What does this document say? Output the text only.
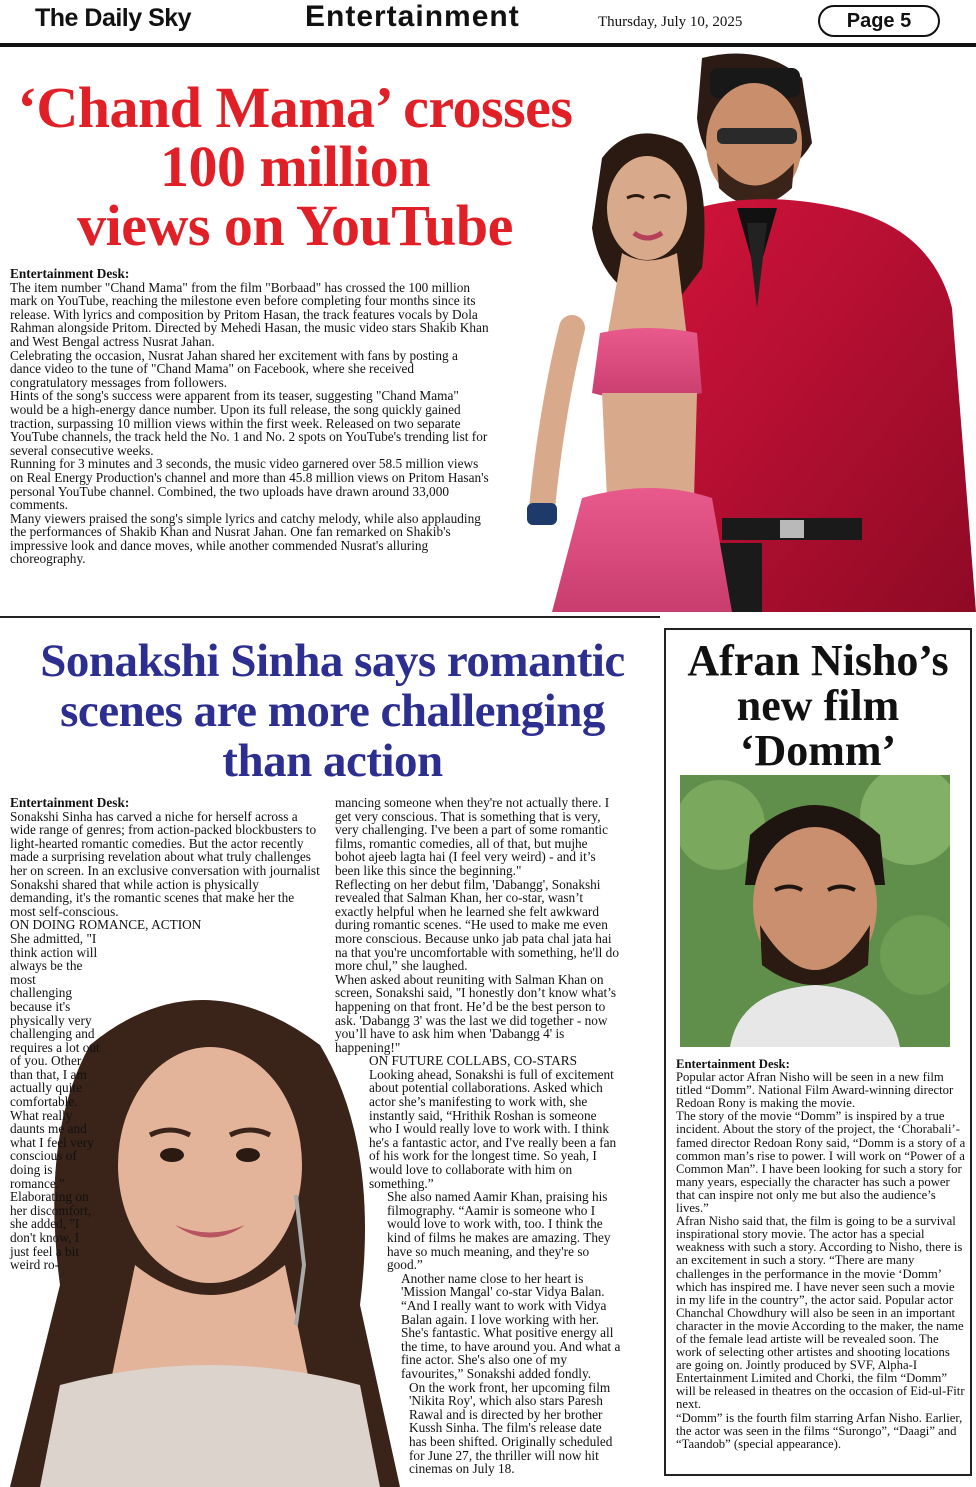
The Daily Sky	Entertainment	Thursday, July 10, 2025	Page 5
‘Chand Mama’ crosses
100 million
views on YouTube
Entertainment Desk:
The item number "Chand Mama" from the film "Borbaad" has crossed the 100 million mark on YouTube, reaching the milestone even before completing four months since its release. With lyrics and composition by Pritom Hasan, the track features vocals by Dola Rahman alongside Pritom. Directed by Mehedi Hasan, the music video stars Shakib Khan and West Bengal actress Nusrat Jahan.
Celebrating the occasion, Nusrat Jahan shared her excitement with fans by posting a dance video to the tune of "Chand Mama" on Facebook, where she received congratulatory messages from followers.
Hints of the song's success were apparent from its teaser, suggesting "Chand Mama" would be a high-energy dance number. Upon its full release, the song quickly gained traction, surpassing 10 million views within the first week. Released on two separate YouTube channels, the track held the No. 1 and No. 2 spots on YouTube's trending list for several consecutive weeks.
Running for 3 minutes and 3 seconds, the music video garnered over 58.5 million views on Real Energy Production's channel and more than 45.8 million views on Pritom Hasan's personal YouTube channel. Combined, the two uploads have drawn around 33,000 comments.
Many viewers praised the song's simple lyrics and catchy melody, while also applauding the performances of Shakib Khan and Nusrat Jahan. One fan remarked on Shakib's impressive look and dance moves, while another commended Nusrat's alluring choreography.
Sonakshi Sinha says romantic
scenes are more challenging
than action
Entertainment Desk:
Sonakshi Sinha has carved a niche for herself across a wide range of genres; from action-packed blockbusters to light-hearted romantic comedies. But the actor recently made a surprising revelation about what truly challenges her on screen. In an exclusive conversation with journalist Sonakshi shared that while action is physically demanding, it's the romantic scenes that make her the most self-conscious.
ON DOING ROMANCE, ACTION
She admitted, "I think action will always be the most challenging because it's physically very challenging and requires a lot out of you. Other than that, I am actually quite comfortable. What really daunts me and what I feel very conscious of doing is romance." Elaborating on her discomfort, she added, "I don't know, I just feel a bit weird ro-
mancing someone when they're not actually there. I get very conscious. That is something that is very, very challenging. I've been a part of some romantic films, romantic comedies, all of that, but mujhe bohot ajeeb lagta hai (I feel very weird) - and it’s been like this since the beginning."
Reflecting on her debut film, 'Dabangg', Sonakshi revealed that Salman Khan, her co-star, wasn’t exactly helpful when he learned she felt awkward during romantic scenes. “He used to make me even more conscious. Because unko jab pata chal jata hai na that you're uncomfortable with something, he'll do more chul,” she laughed.
When asked about reuniting with Salman Khan on screen, Sonakshi said, "I honestly don’t know what’s happening on that front. He’d be the best person to ask. 'Dabangg 3' was the last we did together - now you’ll have to ask him when 'Dabangg 4' is happening!"
ON FUTURE COLLABS, CO-STARS
Looking ahead, Sonakshi is full of excitement about potential collaborations. Asked which actor she’s manifesting to work with, she instantly said, “Hrithik Roshan is someone who I would really love to work with. I think he's a fantastic actor, and I've really been a fan of his work for the longest time. So yeah, I would love to collaborate with him on something.”
She also named Aamir Khan, praising his filmography. “Aamir is someone who I would love to work with, too. I think the kind of films he makes are amazing. They have so much meaning, and they're so good.”
Another name close to her heart is 'Mission Mangal' co-star Vidya Balan. “And I really want to work with Vidya Balan again. I love working with her. She's fantastic. What positive energy all the time, to have around you. And what a fine actor. She's also one of my favourites,” Sonakshi added fondly.
On the work front, her upcoming film 'Nikita Roy', which also stars Paresh Rawal and is directed by her brother Kussh Sinha. The film's release date has been shifted. Originally scheduled for June 27, the thriller will now hit cinemas on July 18.
Afran Nisho’s
new film
‘Domm’
Entertainment Desk:
Popular actor Afran Nisho will be seen in a new film titled “Domm”. National Film Award-winning director Redoan Rony is making the movie.
The story of the movie “Domm” is inspired by a true incident. About the story of the project, the ‘Chorabali’-famed director Redoan Rony said, “Domm is a story of a common man’s rise to power. I will work on “Power of a Common Man”. I have been looking for such a story for many years, especially the character has such a power that can inspire not only me but also the audience’s lives.”
Afran Nisho said that, the film is going to be a survival inspirational story movie. The actor has a special weakness with such a story. According to Nisho, there is an excitement in such a story. “There are many challenges in the performance in the movie ‘Domm’ which has inspired me. I have never seen such a movie in my life in the country”, the actor said. Popular actor Chanchal Chowdhury will also be seen in an important character in the movie According to the maker, the name of the female lead artiste will be revealed soon. The work of selecting other artistes and shooting locations are going on. Jointly produced by SVF, Alpha-I Entertainment Limited and Chorki, the film “Domm” will be released in theatres on the occasion of Eid-ul-Fitr next.
“Domm” is the fourth film starring Arfan Nisho. Earlier, the actor was seen in the films “Surongo”, “Daagi” and “Taandob” (special appearance).
